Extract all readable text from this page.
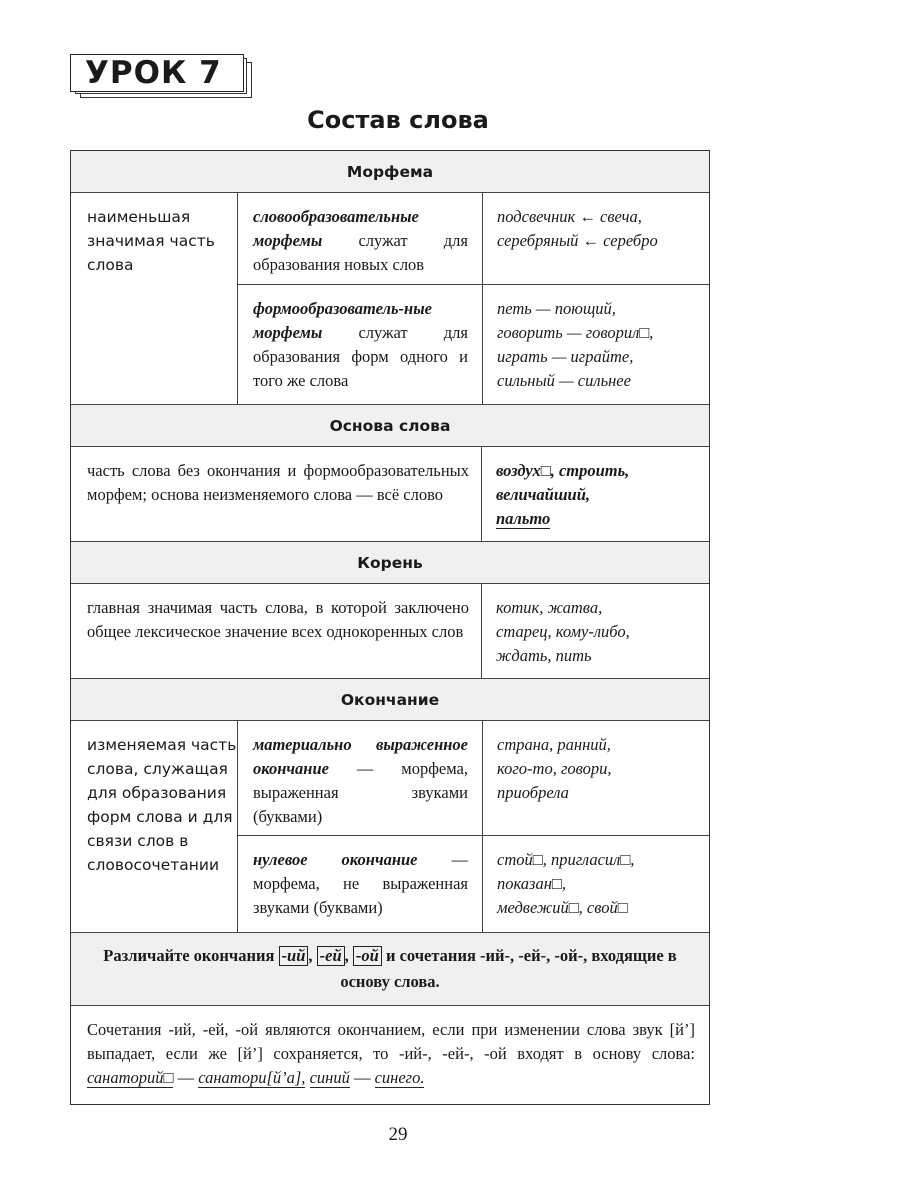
УРОК 7
Состав слова
Морфема
наименьшая значимая часть слова
словообразовательные морфемы служат для образования новых слов
подсвечник ← свеча,
серебряный ← серебро
формообразователь-ные морфемы служат для образования форм одного и того же слова
петь — поющий,
говорить — говорил□,
играть — играйте,
сильный — сильнее
Основа слова
часть слова без окончания и формообразовательных морфем; основа неизменяемого слова — всё слово
воздух□, строить,
величайший,
пальто
Корень
главная значимая часть слова, в которой заключено общее лексическое значение всех однокоренных слов
котик, жатва,
старец, кому-либо,
ждать, пить
Окончание
изменяемая часть слова, служащая для образования форм слова и для связи слов в словосочетании
материально выраженное окончание — морфема, выраженная звуками (буквами)
страна, ранний,
кого-то, говори,
приобрела
нулевое окончание — морфема, не выраженная звуками (буквами)
стой□, пригласил□,
показан□,
медвежий□, свой□
Различайте окончания -ий , -ей , -ой и сочетания -ий-, -ей-, -ой-, входящие в основу слова.
Сочетания -ий, -ей, -ой являются окончанием, если при изменении слова звук [й’] выпадает, если же [й’] сохраняется, то -ий-, -ей-, -ой входят в основу слова: санаторий□ — санатори[й’а], синий — синего.
29
